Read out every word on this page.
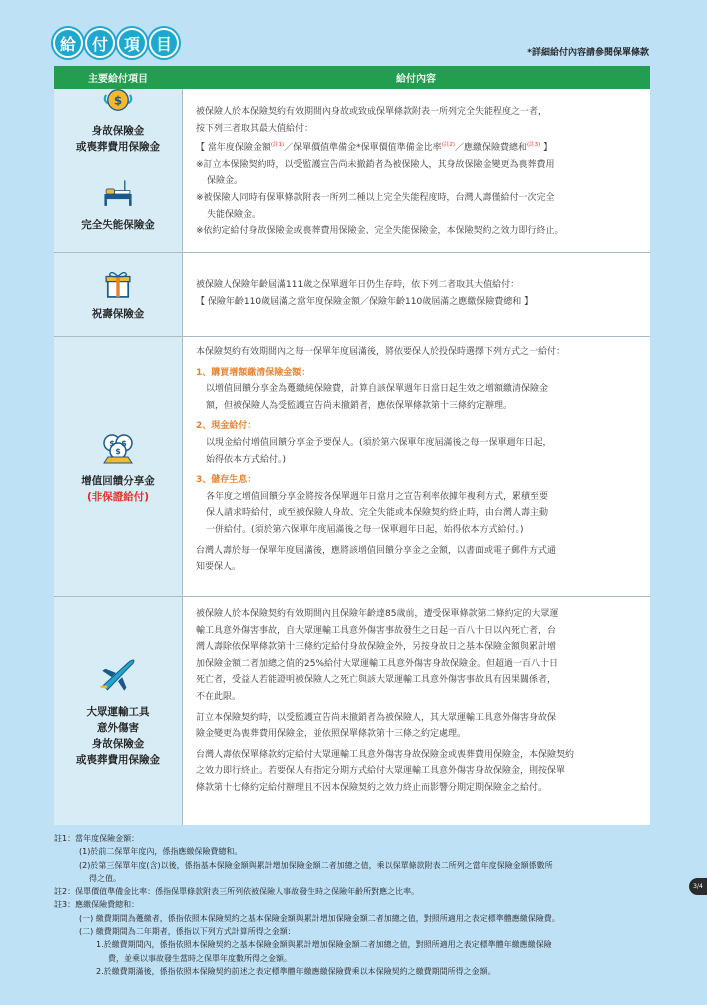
給 付 項 目	*詳細給付內容請參閱保單條款
主要給付項目	給付內容
$
身故保險金
或喪葬費用保險金
完全失能保險金

被保險人於本保險契約有效期間內身故或致成保單條款附表一所列完全失能程度之一者，

按下列三者取其最大值給付：

【 當年度保險金額$^{(註1)}$／保單價值準備金*保單價值準備金比率$^{(註2)}$／應繳保險費總和$^{(註3)}$ 】

※訂立本保險契約時，以受監護宣告尚未撤銷者為被保險人，其身故保險金變更為喪葬費用

保險金。

※被保險人同時有保單條款附表一所列二種以上完全失能程度時，台灣人壽僅給付一次完全

失能保險金。

※依約定給付身故保險金或喪葬費用保險金、完全失能保險金，本保險契約之效力即行終止。

祝壽保險金

被保險人保險年齡屆滿111歲之保單週年日仍生存時，依下列二者取其大值給付：

【 保險年齡110歲屆滿之當年度保險金額／保險年齡110歲屆滿之應繳保險費總和 】

$ $
$
增值回饋分享金
(非保證給付)

本保險契約有效期間內之每一保單年度屆滿後，將依要保人於投保時選擇下列方式之一給付：

1、購買增額繳清保險金額：

以增值回饋分享金為躉繳純保險費，計算自該保單週年日當日起生效之增額繳清保險金

額，但被保險人為受監護宣告尚未撤銷者，應依保單條款第十三條約定辦理。

2、現金給付：

以現金給付增值回饋分享金予要保人。(須於第六保單年度屆滿後之每一保單週年日起，

始得依本方式給付。)

3、儲存生息：

各年度之增值回饋分享金將按各保單週年日當月之宣告利率依據年複利方式，累積至要

保人請求時給付，或至被保險人身故、完全失能或本保險契約終止時，由台灣人壽主動

一併給付。(須於第六保單年度屆滿後之每一保單週年日起，始得依本方式給付。)

台灣人壽於每一保單年度屆滿後，應將該增值回饋分享金之金額，以書面或電子郵件方式通

知要保人。

大眾運輸工具
意外傷害
身故保險金
或喪葬費用保險金

被保險人於本保險契約有效期間內且保險年齡達85歲前，遭受保單條款第二條約定的大眾運

輸工具意外傷害事故，自大眾運輸工具意外傷害事故發生之日起一百八十日以內死亡者，台

灣人壽除依保單條款第十三條約定給付身故保險金外，另按身故日之基本保險金額與累計增

加保險金額二者加總之值的25%給付大眾運輸工具意外傷害身故保險金。但超過一百八十日

死亡者，受益人若能證明被保險人之死亡與該大眾運輸工具意外傷害事故具有因果關係者，

不在此限。

訂立本保險契約時，以受監護宣告尚未撤銷者為被保險人，其大眾運輸工具意外傷害身故保

險金變更為喪葬費用保險金，並依照保單條款第十三條之約定處理。

台灣人壽依保單條款約定給付大眾運輸工具意外傷害身故保險金或喪葬費用保險金，本保險契約

之效力即行終止。若要保人有指定分期方式給付大眾運輸工具意外傷害身故保險金，則按保單

條款第十七條約定給付辦理且不因本保險契約之效力終止而影響分期定期保險金之給付。

註1：當年度保險金額：

(1)於前二保單年度內，係指應繳保險費總和。

(2)於第三保單年度(含)以後，係指基本保險金額與累計增加保險金額二者加總之值，乘以保單條款附表二所列之當年度保險金額係數所

得之值。

註2：保單價值準備金比率：係指保單條款附表三所列依被保險人事故發生時之保險年齡所對應之比率。

註3：應繳保險費總和：

(一) 繳費期間為躉繳者，係指依照本保險契約之基本保險金額與累計增加保險金額二者加總之值，對照所適用之表定標準體應繳保險費。

(二) 繳費期間為二年期者，係指以下列方式計算所得之金額：

1.於繳費期間內，係指依照本保險契約之基本保險金額與累計增加保險金額二者加總之值，對照所適用之表定標準體年繳應繳保險

費，並乘以事故發生當時之保單年度數所得之金額。

2.於繳費期滿後，係指依照本保險契約前述之表定標準體年繳應繳保險費乘以本保險契約之繳費期間所得之金額。

3/4
